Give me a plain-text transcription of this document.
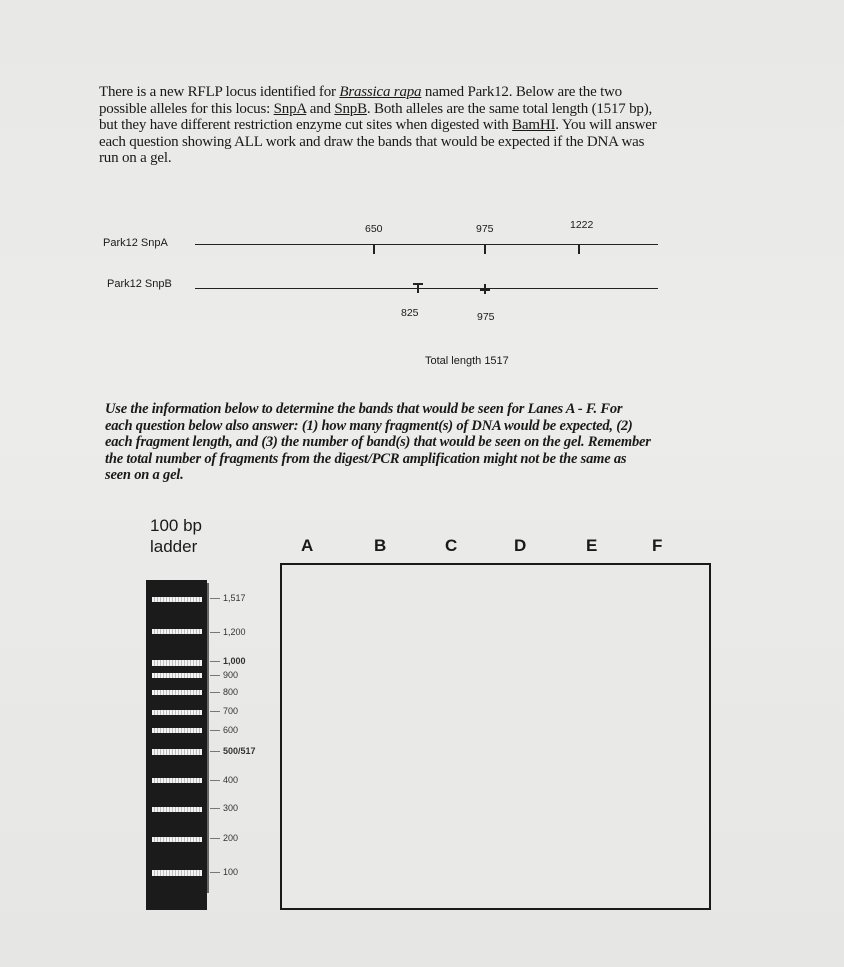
There is a new RFLP locus identified for Brassica rapa named Park12. Below are the two
possible alleles for this locus: SnpA and SnpB. Both alleles are the same total length (1517 bp),
but they have different restriction enzyme cut sites when digested with BamHI. You will answer
each question showing ALL work and draw the bands that would be expected if the DNA was
run on a gel.
Park12 SnpA
650	975	1222
Park12 SnpB
825	975
Total length 1517
Use the information below to determine the bands that would be seen for Lanes A - F. For
each question below also answer: (1) how many fragment(s) of DNA would be expected, (2)
each fragment length, and (3) the number of band(s) that would be seen on the gel. Remember
the total number of fragments from the digest/PCR amplification might not be the same as
seen on a gel.
100 bp
ladder	A	B	C	D	E	F
1,517
1,200
1,000
900
800
700
600
500/517
400
300
200
100
